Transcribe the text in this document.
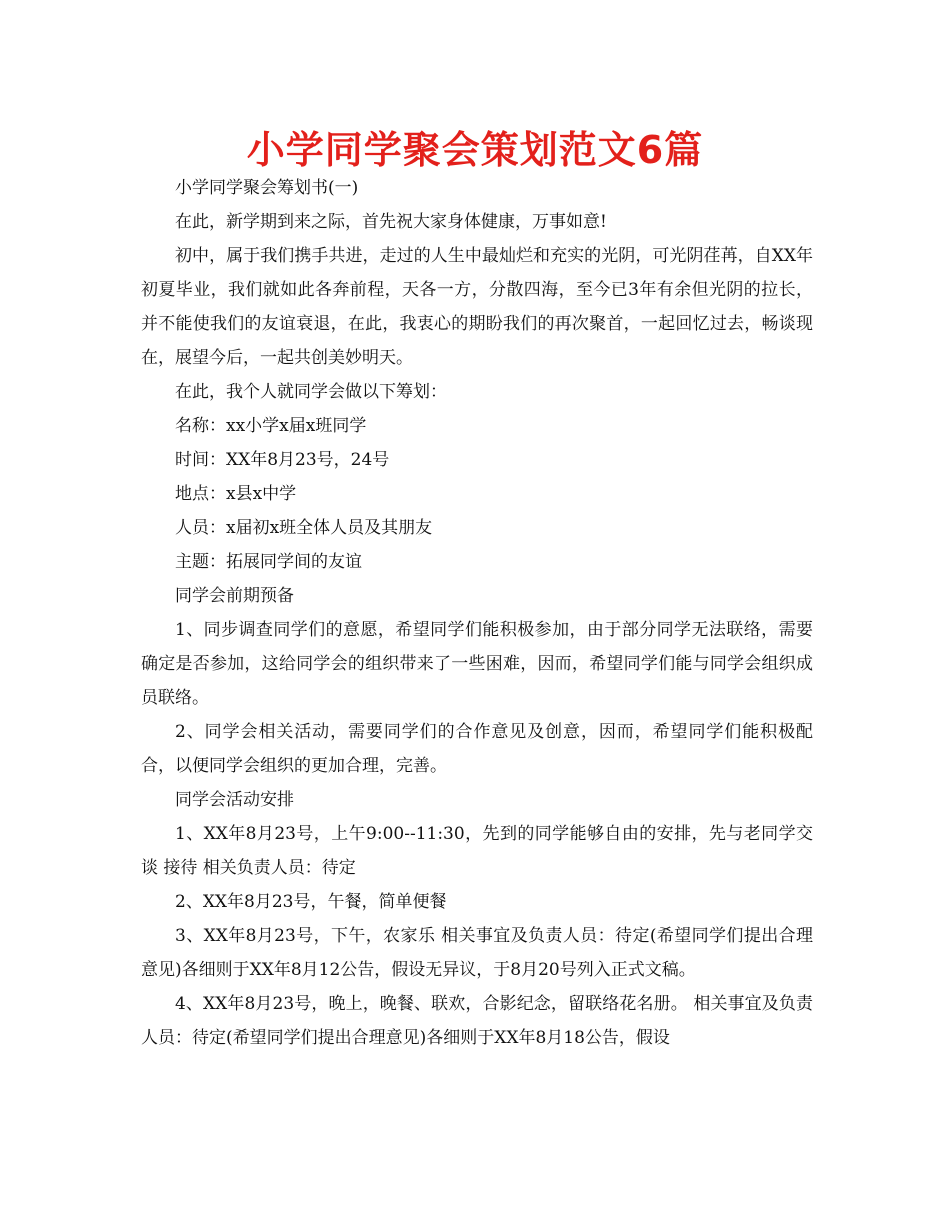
小学同学聚会策划范文6篇

小学同学聚会筹划书(一)

在此，新学期到来之际，首先祝大家身体健康，万事如意!

初中，属于我们携手共进，走过的人生中最灿烂和充实的光阴，可光阴荏苒，自XX年初夏毕业，我们就如此各奔前程，天各一方，分散四海，至今已3年有余但光阴的拉长，并不能使我们的友谊衰退，在此，我衷心的期盼我们的再次聚首，一起回忆过去，畅谈现在，展望今后，一起共创美妙明天。

在此，我个人就同学会做以下筹划：

名称：xx小学x届x班同学

时间：XX年8月23号，24号

地点：x县x中学

人员：x届初x班全体人员及其朋友

主题：拓展同学间的友谊

同学会前期预备

1、同步调查同学们的意愿，希望同学们能积极参加，由于部分同学无法联络，需要确定是否参加，这给同学会的组织带来了一些困难，因而，希望同学们能与同学会组织成员联络。

2、同学会相关活动，需要同学们的合作意见及创意，因而，希望同学们能积极配合，以便同学会组织的更加合理，完善。

同学会活动安排

1、XX年8月23号，上午9:00--11:30，先到的同学能够自由的安排，先与老同学交谈 接待 相关负责人员：待定

2、XX年8月23号，午餐，简单便餐

3、XX年8月23号，下午，农家乐 相关事宜及负责人员：待定(希望同学们提出合理意见)各细则于XX年8月12公告，假设无异议，于8月20号列入正式文稿。

4、XX年8月23号，晚上，晚餐、联欢，合影纪念，留联络花名册。 相关事宜及负责人员：待定(希望同学们提出合理意见)各细则于XX年8月18公告，假设
